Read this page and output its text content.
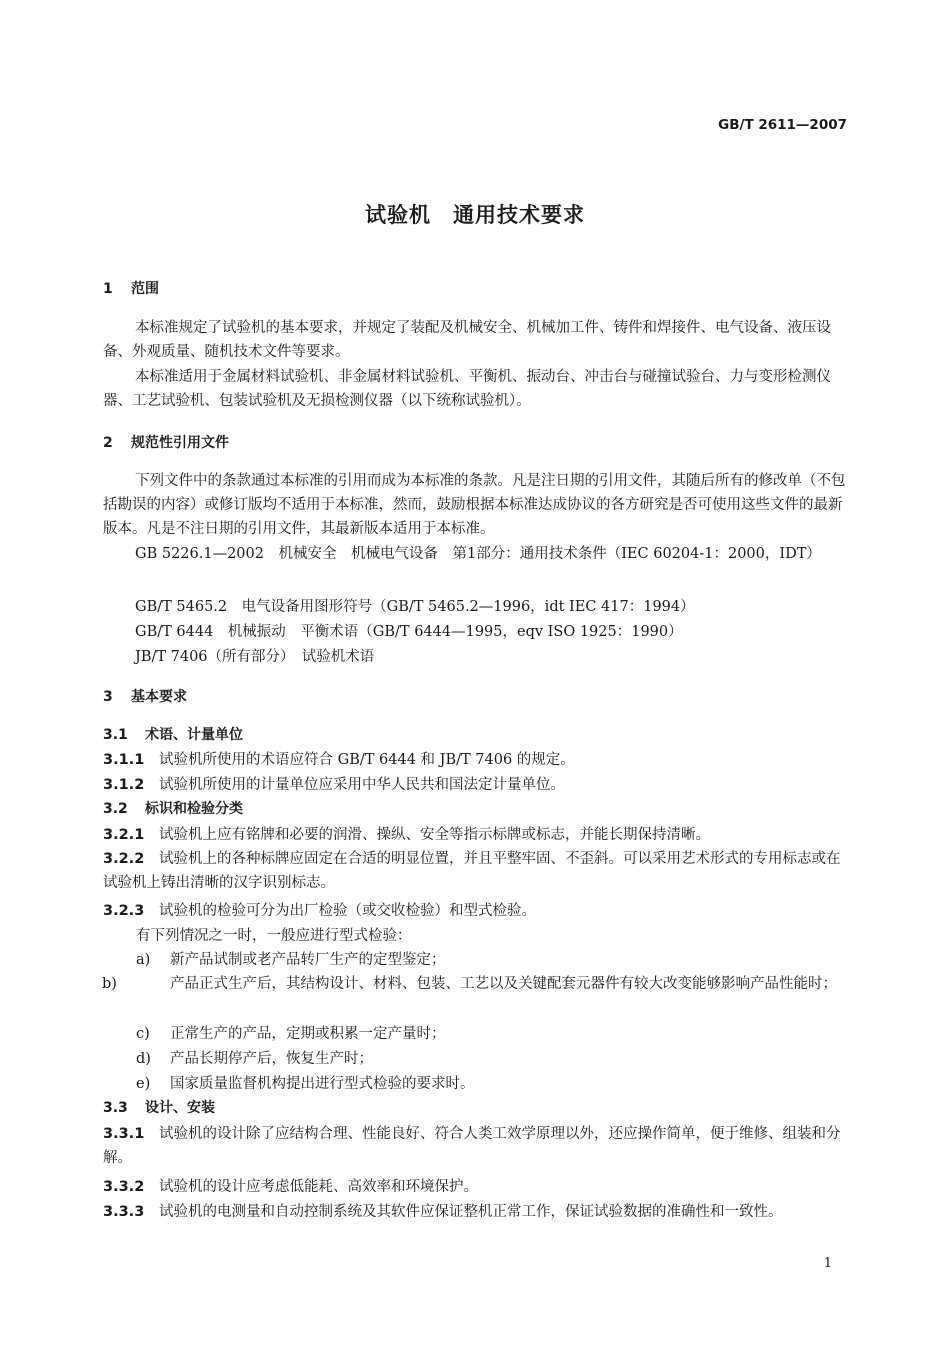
GB/T 2611—2007
试验机　通用技术要求
1 范围
本标准规定了试验机的基本要求，并规定了装配及机械安全、机械加工件、铸件和焊接件、电气设备、液压设备、外观质量、随机技术文件等要求。
本标准适用于金属材料试验机、非金属材料试验机、平衡机、振动台、冲击台与碰撞试验台、力与变形检测仪器、工艺试验机、包装试验机及无损检测仪器（以下统称试验机）。
2 规范性引用文件
下列文件中的条款通过本标准的引用而成为本标准的条款。凡是注日期的引用文件，其随后所有的修改单（不包括勘误的内容）或修订版均不适用于本标准，然而，鼓励根据本标准达成协议的各方研究是否可使用这些文件的最新版本。凡是不注日期的引用文件，其最新版本适用于本标准。
GB 5226.1—2002　机械安全　机械电气设备　第1部分：通用技术条件（IEC 60204-1：2000，IDT）
GB/T 5465.2　电气设备用图形符号（GB/T 5465.2—1996，idt IEC 417：1994）
GB/T 6444　机械振动　平衡术语（GB/T 6444—1995，eqv ISO 1925：1990）
JB/T 7406（所有部分）　试验机术语
3 基本要求
3.1 术语、计量单位
3.1.1 试验机所使用的术语应符合 GB/T 6444 和 JB/T 7406 的规定。
3.1.2 试验机所使用的计量单位应采用中华人民共和国法定计量单位。
3.2 标识和检验分类
3.2.1 试验机上应有铭牌和必要的润滑、操纵、安全等指示标牌或标志，并能长期保持清晰。
3.2.2 试验机上的各种标牌应固定在合适的明显位置，并且平整牢固、不歪斜。可以采用艺术形式的专用标志或在试验机上铸出清晰的汉字识别标志。
3.2.3 试验机的检验可分为出厂检验（或交收检验）和型式检验。
有下列情况之一时，一般应进行型式检验：
a) 新产品试制或老产品转厂生产的定型鉴定；
b)	产品正式生产后，其结构设计、材料、包装、工艺以及关键配套元器件有较大改变能够影响产品性能时；
c) 正常生产的产品，定期或积累一定产量时；
d) 产品长期停产后，恢复生产时；
e) 国家质量监督机构提出进行型式检验的要求时。
3.3 设计、安装
3.3.1 试验机的设计除了应结构合理、性能良好、符合人类工效学原理以外，还应操作简单，便于维修、组装和分解。
3.3.2 试验机的设计应考虑低能耗、高效率和环境保护。
3.3.3 试验机的电测量和自动控制系统及其软件应保证整机正常工作，保证试验数据的准确性和一致性。
1
